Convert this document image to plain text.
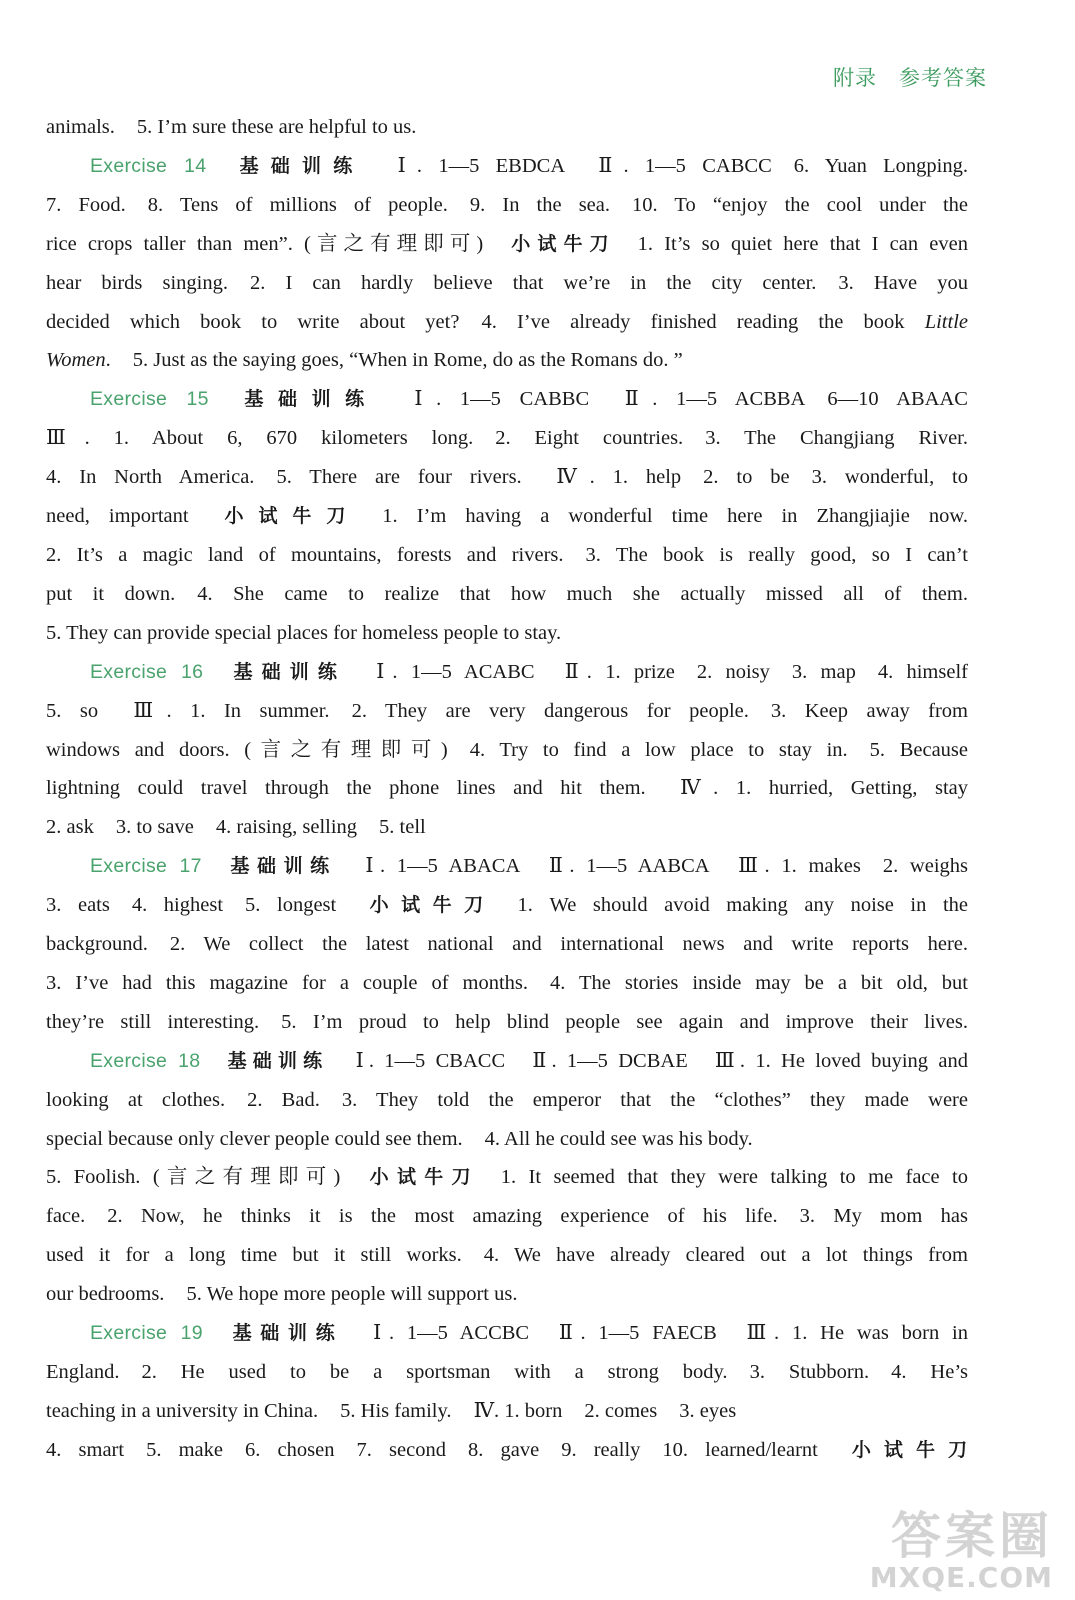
附录 参考答案
animals. 5. I’m sure these are helpful to us.
Exercise 14 基础训练 Ⅰ. 1—5 EBDCA Ⅱ. 1—5 CABCC 6. Yuan Longping.
7. Food. 8. Tens of millions of people. 9. In the sea. 10. To “enjoy the cool under the
rice crops taller than men”. (言之有理即可) 小试牛刀 1. It’s so quiet here that I can even
hear birds singing. 2. I can hardly believe that we’re in the city center. 3. Have you
decided which book to write about yet? 4. I’ve already finished reading the book Little
Women. 5. Just as the saying goes, “When in Rome, do as the Romans do. ”
Exercise 15 基础训练 Ⅰ. 1—5 CABBC Ⅱ. 1—5 ACBBA 6—10 ABAAC
Ⅲ. 1. About 6, 670 kilometers long. 2. Eight countries. 3. The Changjiang River.
4. In North America. 5. There are four rivers. Ⅳ. 1. help 2. to be 3. wonderful, to
need, important 小试牛刀 1. I’m having a wonderful time here in Zhangjiajie now.
2. It’s a magic land of mountains, forests and rivers. 3. The book is really good, so I can’t
put it down. 4. She came to realize that how much she actually missed all of them.
5. They can provide special places for homeless people to stay.
Exercise 16 基础训练 Ⅰ. 1—5 ACABC Ⅱ. 1. prize 2. noisy 3. map 4. himself
5. so Ⅲ. 1. In summer. 2. They are very dangerous for people. 3. Keep away from
windows and doors. (言之有理即可) 4. Try to find a low place to stay in. 5. Because
lightning could travel through the phone lines and hit them. Ⅳ. 1. hurried, Getting, stay
2. ask 3. to save 4. raising, selling 5. tell
Exercise 17 基础训练 Ⅰ. 1—5 ABACA Ⅱ. 1—5 AABCA Ⅲ. 1. makes 2. weighs
3. eats 4. highest 5. longest 小试牛刀 1. We should avoid making any noise in the
background. 2. We collect the latest national and international news and write reports here.
3. I’ve had this magazine for a couple of months. 4. The stories inside may be a bit old, but
they’re still interesting. 5. I’m proud to help blind people see again and improve their lives.
Exercise 18 基础训练 Ⅰ. 1—5 CBACC Ⅱ. 1—5 DCBAE Ⅲ. 1. He loved buying and
looking at clothes. 2. Bad. 3. They told the emperor that the “clothes” they made were
special because only clever people could see them. 4. All he could see was his body.
5. Foolish. (言之有理即可) 小试牛刀 1. It seemed that they were talking to me face to
face. 2. Now, he thinks it is the most amazing experience of his life. 3. My mom has
used it for a long time but it still works. 4. We have already cleared out a lot things from
our bedrooms. 5. We hope more people will support us.
Exercise 19 基础训练 Ⅰ. 1—5 ACCBC Ⅱ. 1—5 FAECB Ⅲ. 1. He was born in
England. 2. He used to be a sportsman with a strong body. 3. Stubborn. 4. He’s
teaching in a university in China. 5. His family. Ⅳ. 1. born 2. comes 3. eyes
4. smart 5. make 6. chosen 7. second 8. gave 9. really 10. learned/learnt 小试牛刀
答案圈
MXQE.COM
